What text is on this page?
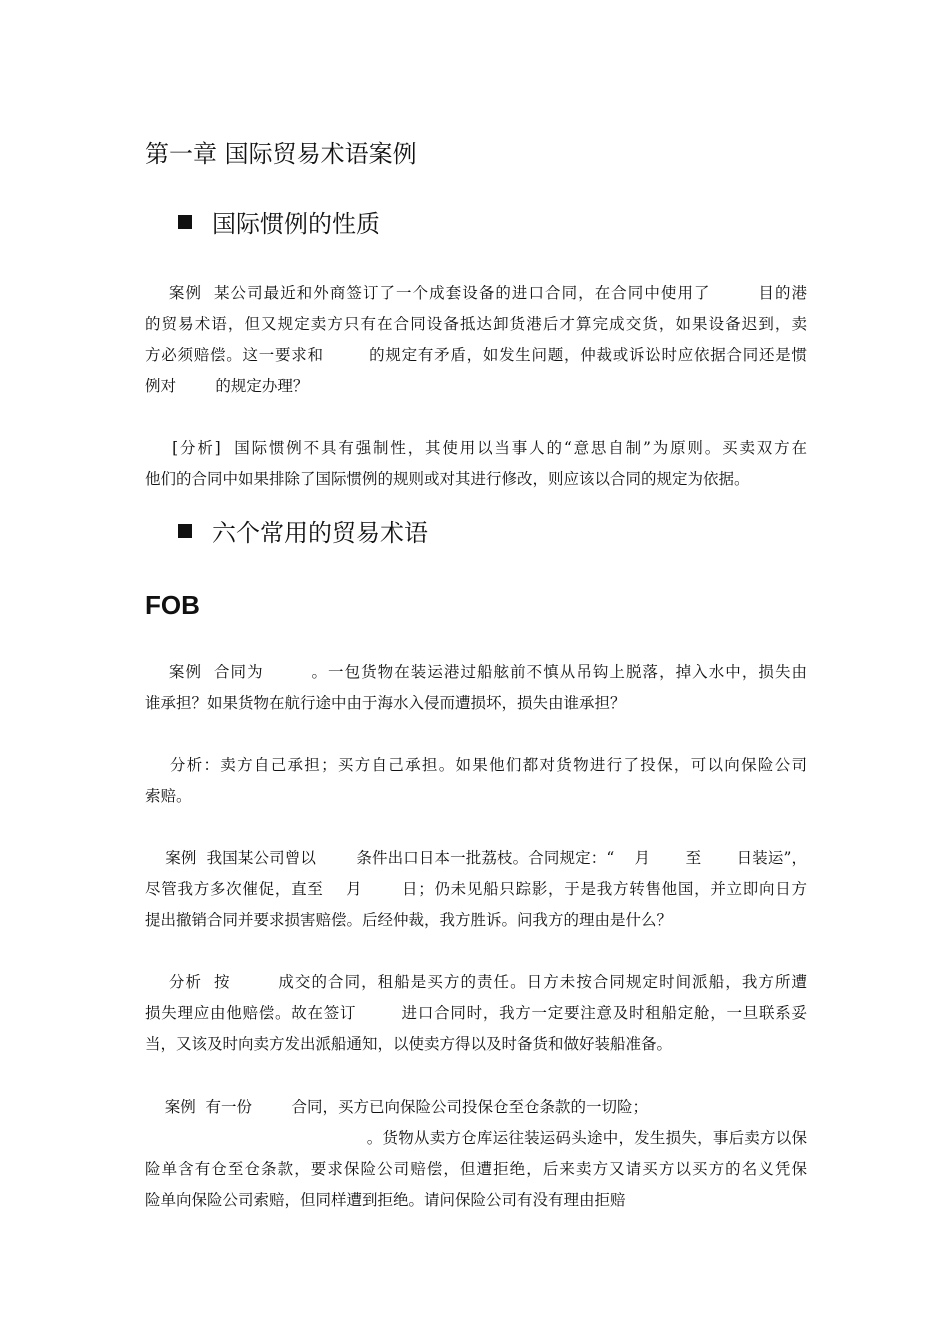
第一章 国际贸易术语案例
国际惯例的性质
案例  某公司最近和外商签订了一个成套设备的进口合同，在合同中使用了        目的港
的贸易术语，但又规定卖方只有在合同设备抵达卸货港后才算完成交货，如果设备迟到，卖
方必须赔偿。这一要求和        的规定有矛盾，如发生问题，仲裁或诉讼时应依据合同还是惯
例对        的规定办理？
[分析]  国际惯例不具有强制性，其使用以当事人的“意思自制”为原则。买卖双方在
他们的合同中如果排除了国际惯例的规则或对其进行修改，则应该以合同的规定为依据。
六个常用的贸易术语
FOB
案例  合同为        。一包货物在装运港过船舷前不慎从吊钩上脱落，掉入水中，损失由
谁承担？如果货物在航行途中由于海水入侵而遭损坏，损失由谁承担？
分析：卖方自己承担；买方自己承担。如果他们都对货物进行了投保，可以向保险公司
索赔。
案例  我国某公司曾以        条件出口日本一批荔枝。合同规定：“    月       至       日装运”，
尽管我方多次催促，直至    月       日；仍未见船只踪影，于是我方转售他国，并立即向日方
提出撤销合同并要求损害赔偿。后经仲裁，我方胜诉。问我方的理由是什么？
分析  按        成交的合同，租船是买方的责任。日方未按合同规定时间派船，我方所遭
损失理应由他赔偿。故在签订        进口合同时，我方一定要注意及时租船定舱，一旦联系妥
当，又该及时向卖方发出派船通知，以使卖方得以及时备货和做好装船准备。
案例  有一份        合同，买方已向保险公司投保仓至仓条款的一切险；
。货物从卖方仓库运往装运码头途中，发生损失，事后卖方以保
险单含有仓至仓条款，要求保险公司赔偿，但遭拒绝，后来卖方又请买方以买方的名义凭保
险单向保险公司索赔，但同样遭到拒绝。请问保险公司有没有理由拒赔
